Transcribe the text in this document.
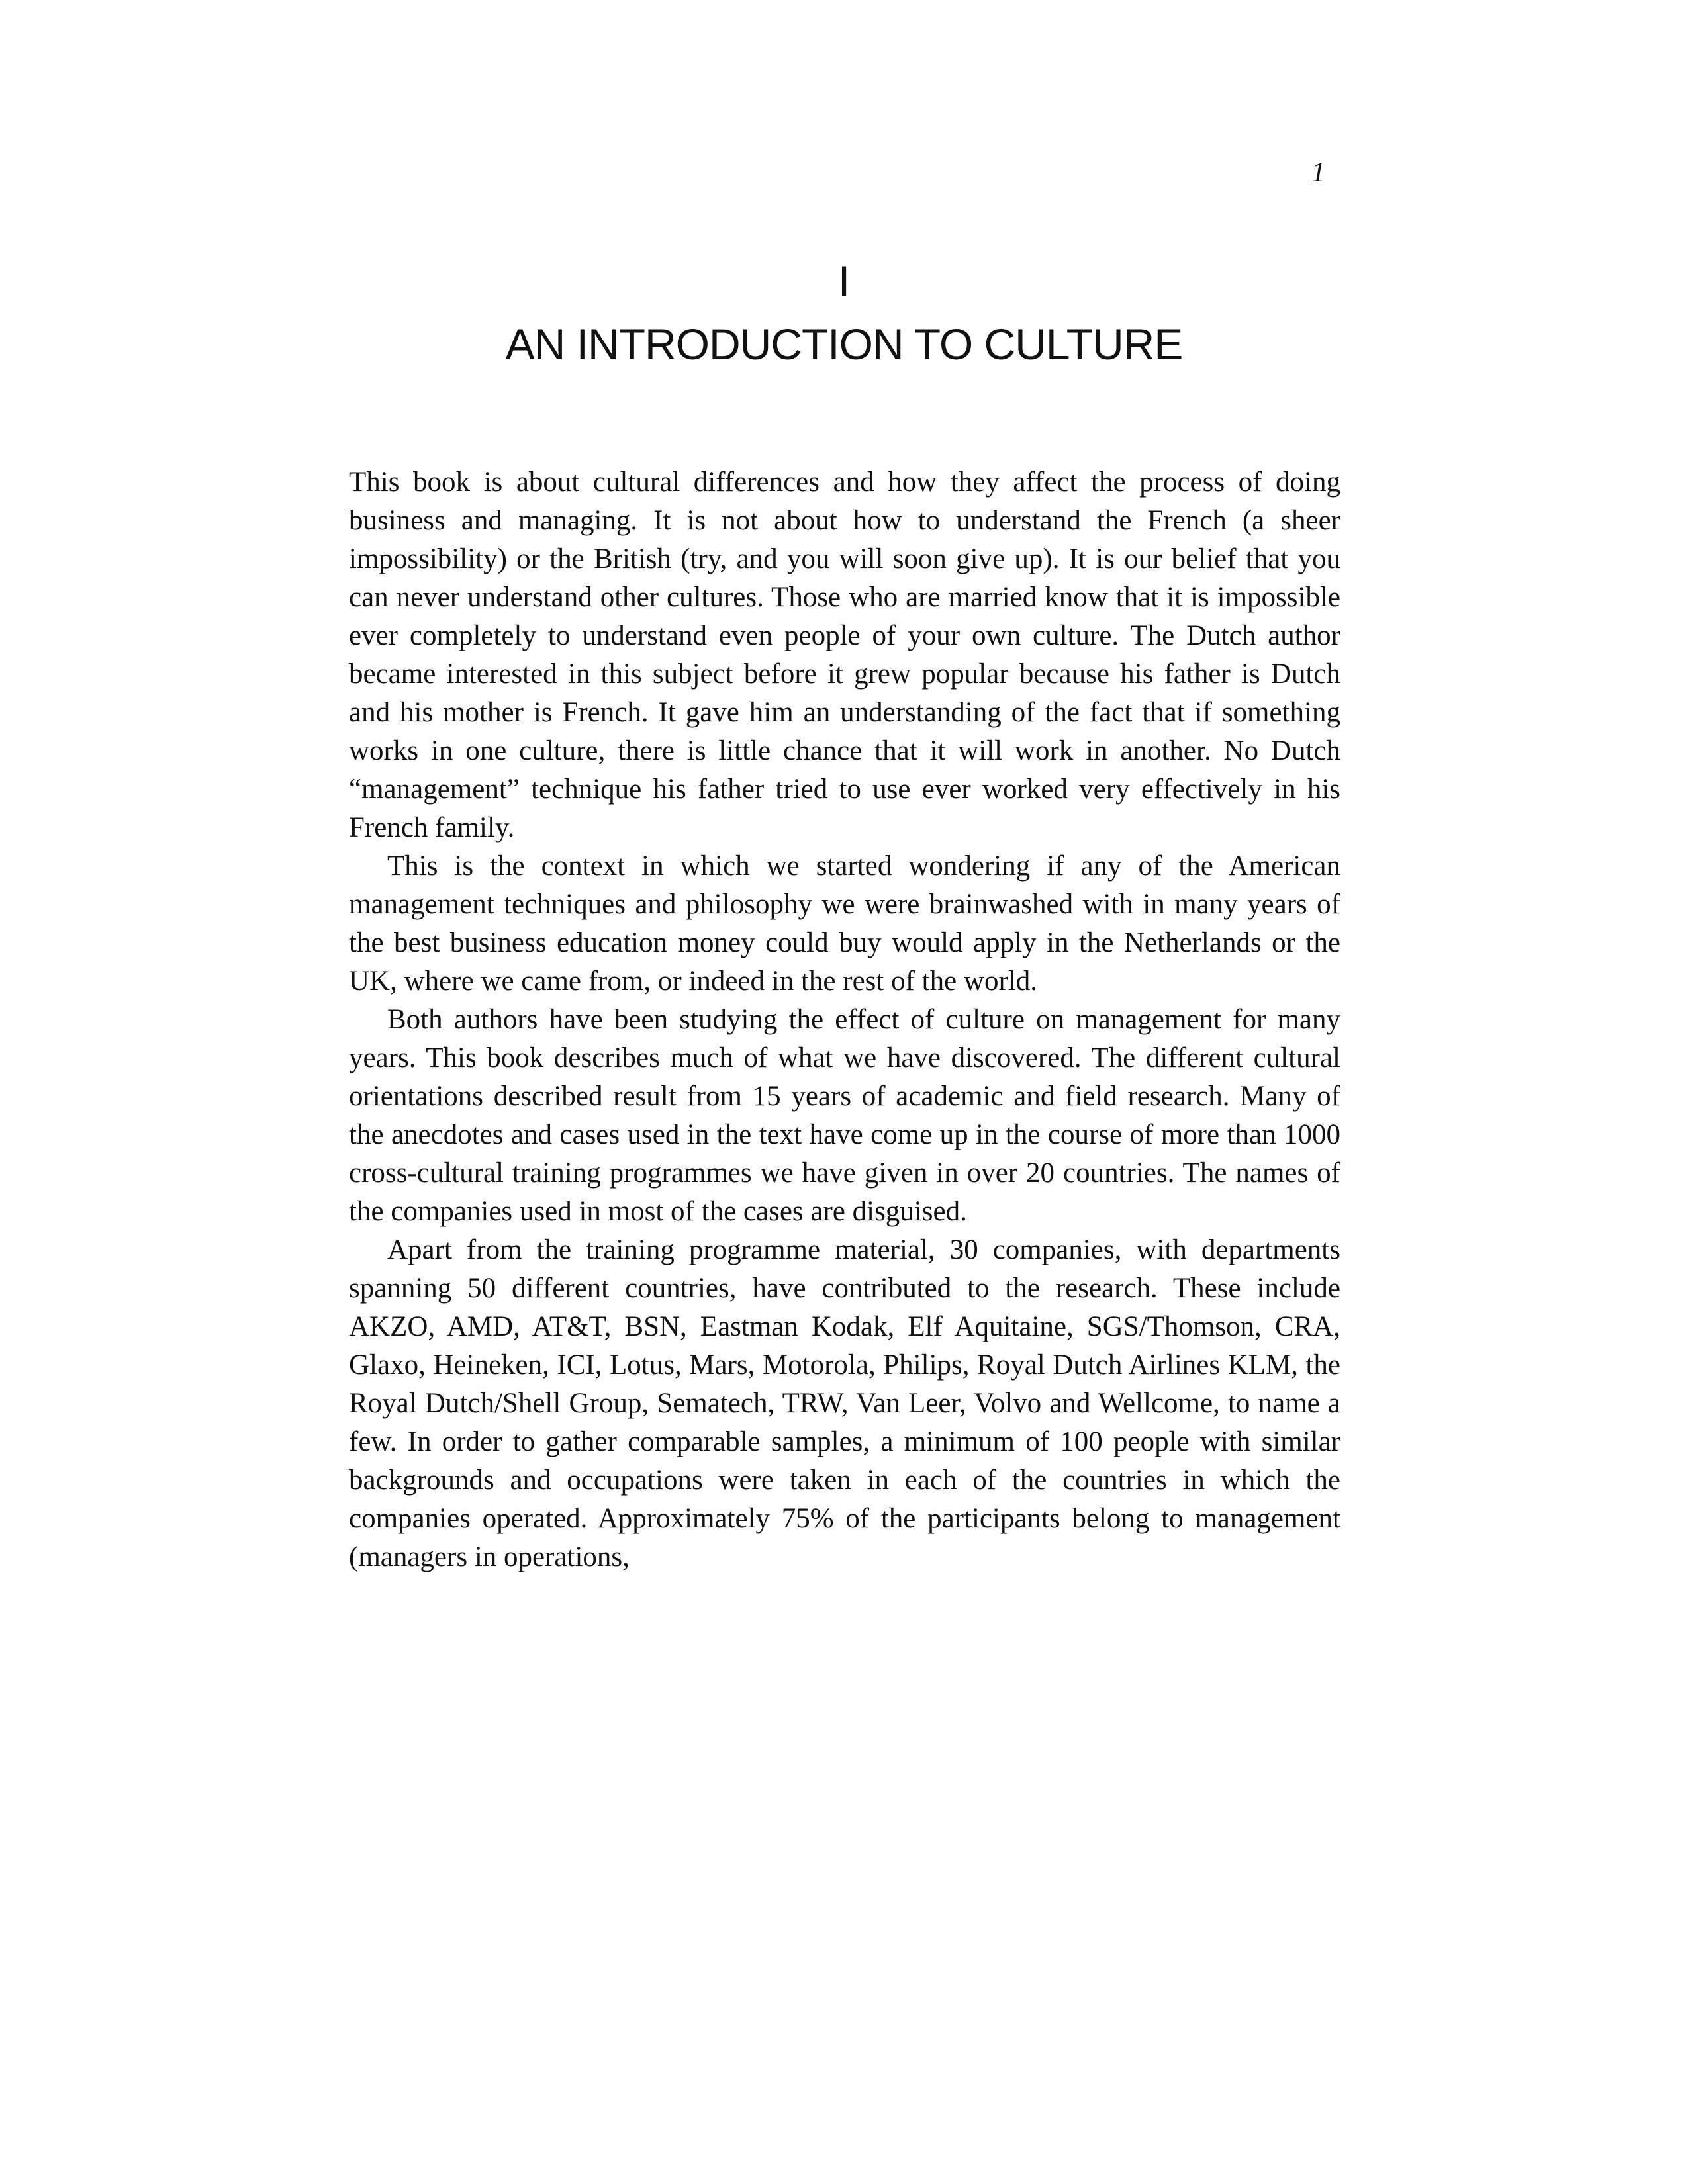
1
I
AN INTRODUCTION TO CULTURE

This book is about cultural differences and how they affect the process of doing business and managing. It is not about how to understand the French (a sheer impossibility) or the British (try, and you will soon give up). It is our belief that you can never understand other cultures. Those who are married know that it is impossible ever completely to understand even people of your own culture. The Dutch author became interested in this subject before it grew popular because his father is Dutch and his mother is French. It gave him an understanding of the fact that if something works in one culture, there is little chance that it will work in another. No Dutch “management” technique his father tried to use ever worked very effectively in his French family.

This is the context in which we started wondering if any of the American management techniques and philosophy we were brainwashed with in many years of the best business education money could buy would apply in the Netherlands or the UK, where we came from, or indeed in the rest of the world.

Both authors have been studying the effect of culture on management for many years. This book describes much of what we have discovered. The different cultural orientations described result from 15 years of academic and field research. Many of the anecdotes and cases used in the text have come up in the course of more than 1000 cross-cultural training programmes we have given in over 20 countries. The names of the companies used in most of the cases are disguised.

Apart from the training programme material, 30 companies, with departments spanning 50 different countries, have contributed to the research. These include AKZO, AMD, AT&T, BSN, Eastman Kodak, Elf Aquitaine, SGS/Thomson, CRA, Glaxo, Heineken, ICI, Lotus, Mars, Motorola, Philips, Royal Dutch Airlines KLM, the Royal Dutch/Shell Group, Sematech, TRW, Van Leer, Volvo and Wellcome, to name a few. In order to gather comparable samples, a minimum of 100 people with similar backgrounds and occupations were taken in each of the countries in which the companies operated. Approximately 75% of the participants belong to management (managers in operations,
